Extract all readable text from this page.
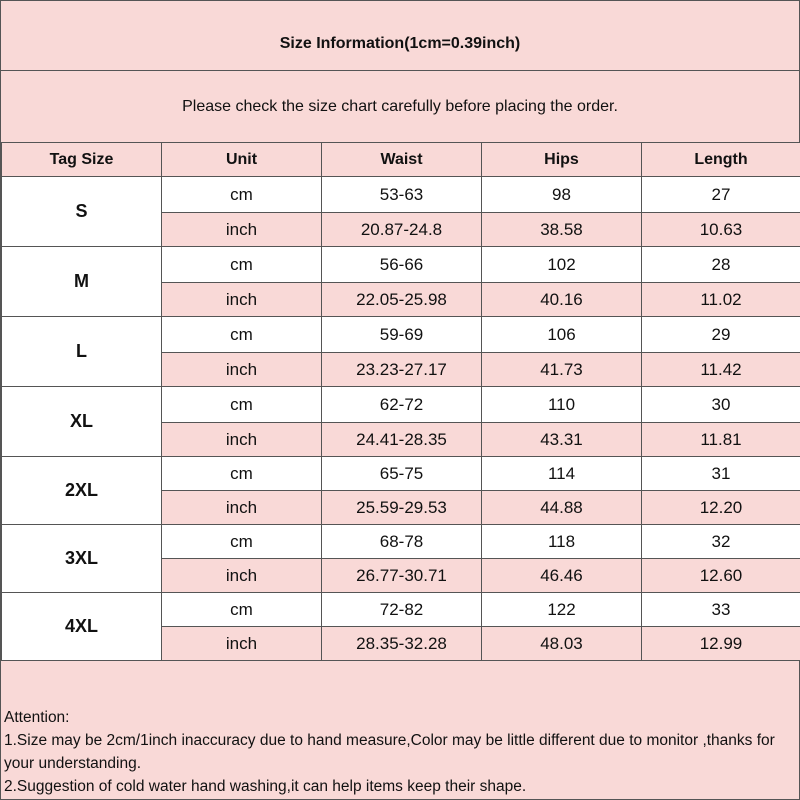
Size Information(1cm=0.39inch)
Please check the size chart carefully before placing the order.
Tag Size	Unit	Waist	Hips	Length
S	cm	53-63	98	27
	inch	20.87-24.8	38.58	10.63
M	cm	56-66	102	28
	inch	22.05-25.98	40.16	11.02
L	cm	59-69	106	29
	inch	23.23-27.17	41.73	11.42
XL	cm	62-72	110	30
	inch	24.41-28.35	43.31	11.81
2XL	cm	65-75	114	31
	inch	25.59-29.53	44.88	12.20
3XL	cm	68-78	118	32
	inch	26.77-30.71	46.46	12.60
4XL	cm	72-82	122	33
	inch	28.35-32.28	48.03	12.99
Attention:
1.Size may be 2cm/1inch inaccuracy due to hand measure,Color may be little different due to monitor ,thanks for your understanding.
2.Suggestion of cold water hand washing,it can help items keep their shape.
